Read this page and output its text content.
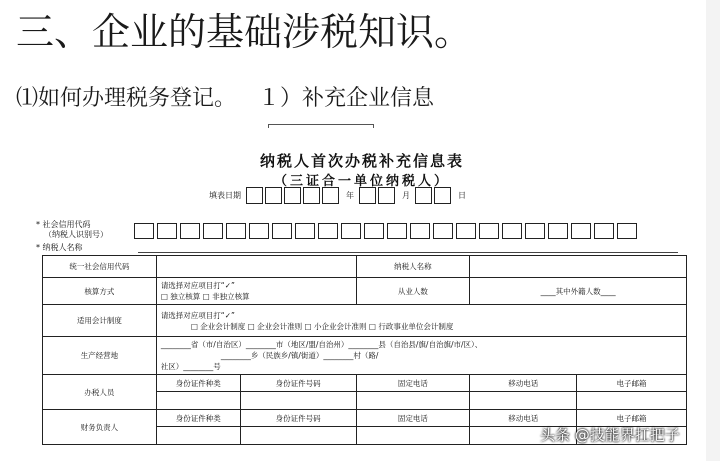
三、企业的基础涉税知识。
⑴如何办理税务登记。 １）补充企业信息
纳税人首次办税补充信息表
（三证合一单位纳税人）
填表日期	年	月	日
* 社会信用代码
（纳税人识别号）
* 纳税人名称
统一社会信用代码			纳税人名称		
核算方式	请选择对应项目打“✓”
□ 独立核算 □ 非独立核算		从业人数	____其中外籍人数____	
适用会计制度	请选择对应项目打“✓”
□ 企业会计制度 □ 企业会计准则 □ 小企业会计准则 □ 行政事业单位会计制度				

生产经营地	________省（市/自治区）________市（地区/盟/自治州）________县（自治县/旗/自治旗/市/区）、
________乡（民族乡/镇/街道）________村（路/
社区）________号				

办税人员	身份证件种类	身份证件号码	固定电话	移动电话	电子邮箱

财务负责人	身份证件种类	身份证件号码	固定电话	移动电话	电子邮箱

头条 @技能界扛把子
